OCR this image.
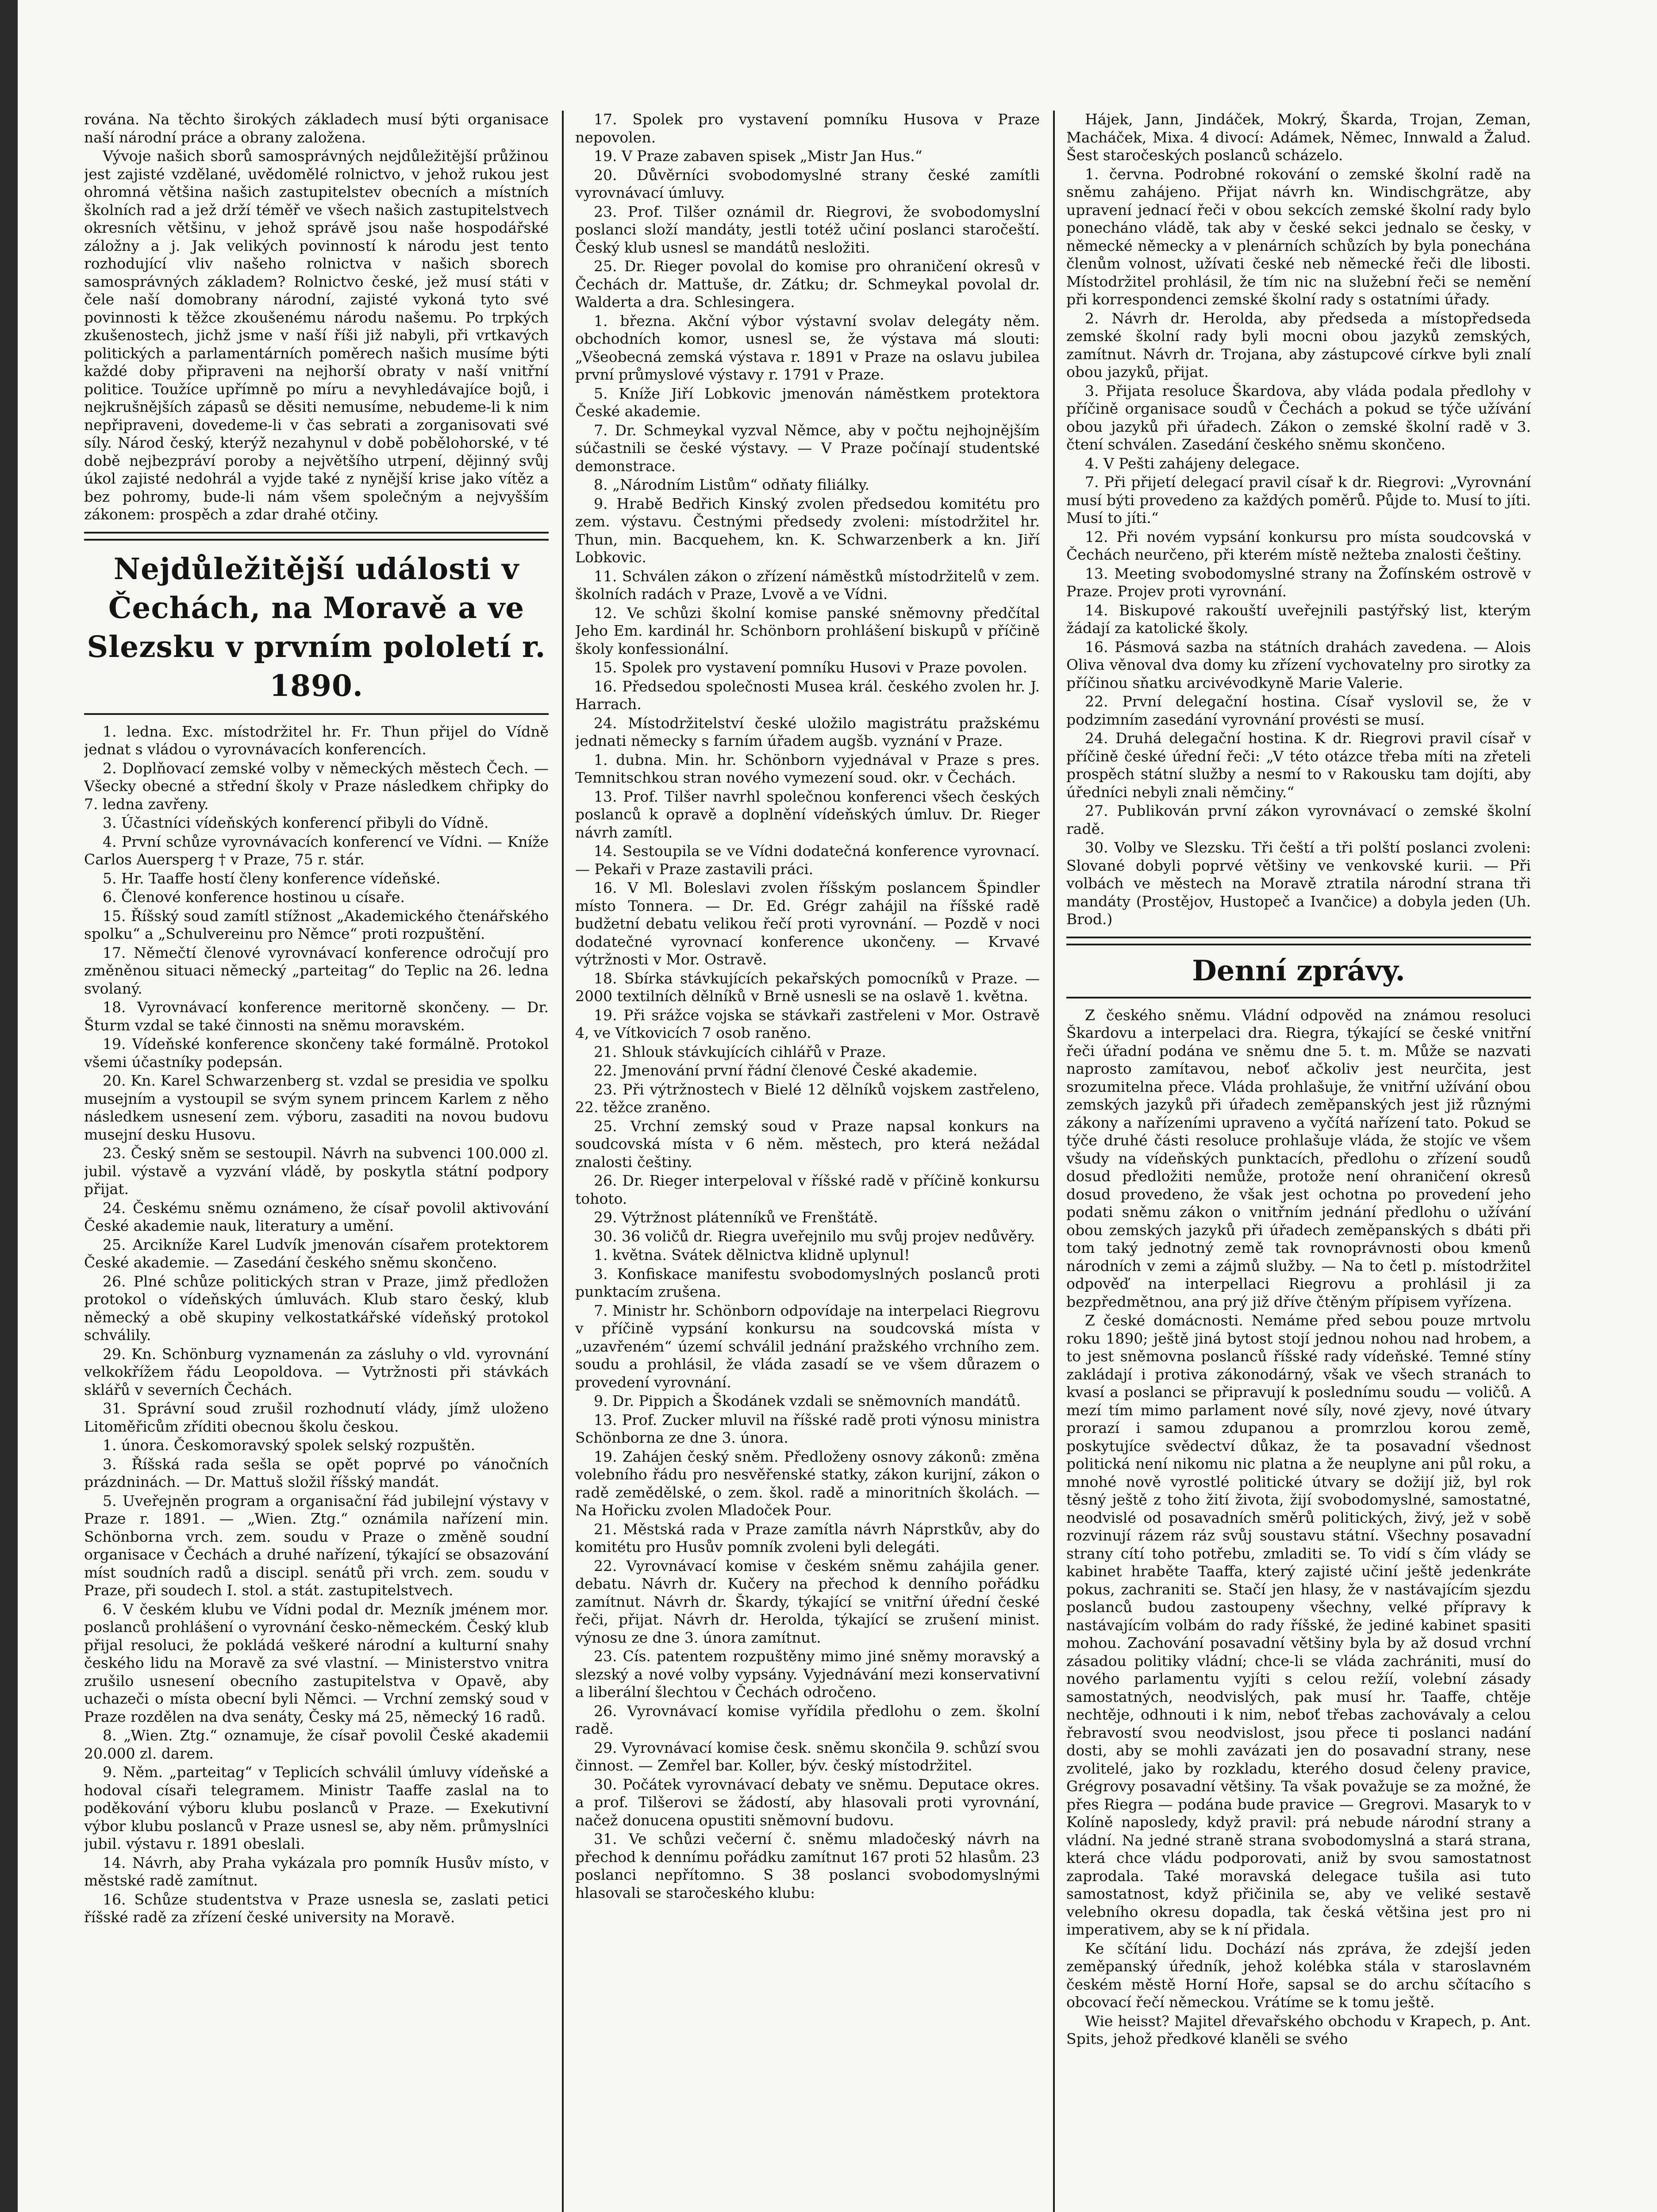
rována. Na těchto širokých základech musí býti organisace naší národní práce a obrany založena.

Vývoje našich sborů samosprávných nejdůležitější průžinou jest zajisté vzdělané, uvědomělé rolnictvo, v jehož rukou jest ohromná většina našich zastupitelstev obecních a místních školních rad a jež drží téměř ve všech našich zastupitelstvech okresních většinu, v jehož správě jsou naše hospodářské záložny a j. Jak velikých povinností k národu jest tento rozhodující vliv našeho rolnictva v našich sborech samosprávných základem? Rolnictvo české, jež musí státi v čele naší domobrany národní, zajisté vykoná tyto své povinnosti k těžce zkoušenému národu našemu. Po trpkých zkušenostech, jichž jsme v naší říši již nabyli, při vrtkavých politických a parlamentárních poměrech našich musíme býti každé doby připraveni na nejhorší obraty v naší vnitřní politice. Toužíce upřímně po míru a nevyhledávajíce bojů, i nejkrušnějších zápasů se děsiti nemusíme, nebudeme-li k nim nepřipraveni, dovedeme-li v čas sebrati a zorganisovati své síly. Národ český, kterýž nezahynul v době pobělohorské, v té době nejbezpráví poroby a největšího utrpení, dějinný svůj úkol zajisté nedohrál a vyjde také z nynější krise jako vítěz a bez pohromy, bude-li nám všem společným a nejvyšším zákonem: prospěch a zdar drahé otčiny.

Nejdůležitější události v Čechách, na Moravě a ve Slezsku v prvním pololetí r. 1890.

1. ledna. Exc. místodržitel hr. Fr. Thun přijel do Vídně jednat s vládou o vyrovnávacích konferencích.

2. Doplňovací zemské volby v německých městech Čech. — Všecky obecné a střední školy v Praze následkem chřipky do 7. ledna zavřeny.

3. Účastníci vídeňských konferencí přibyli do Vídně.

4. První schůze vyrovnávacích konferencí ve Vídni. — Kníže Carlos Auersperg † v Praze, 75 r. stár.

5. Hr. Taaffe hostí členy konference vídeňské.

6. Členové konference hostinou u císaře.

15. Říšský soud zamítl stížnost „Akademického čtenářského spolku“ a „Schulvereinu pro Němce“ proti rozpuštění.

17. Němečtí členové vyrovnávací konference odročují pro změněnou situaci německý „parteitag“ do Teplic na 26. ledna svolaný.

18. Vyrovnávací konference meritorně skončeny. — Dr. Šturm vzdal se také činnosti na sněmu moravském.

19. Vídeňské konference skončeny také formálně. Protokol všemi účastníky podepsán.

20. Kn. Karel Schwarzenberg st. vzdal se presidia ve spolku musejním a vystoupil se svým synem princem Karlem z něho následkem usnesení zem. výboru, zasaditi na novou budovu musejní desku Husovu.

23. Český sněm se sestoupil. Návrh na subvenci 100.000 zl. jubil. výstavě a vyzvání vládě, by poskytla státní podpory přijat.

24. Českému sněmu oznámeno, že císař povolil aktivování České akademie nauk, literatury a umění.

25. Arcikníže Karel Ludvík jmenován císařem protektorem České akademie. — Zasedání českého sněmu skončeno.

26. Plné schůze politických stran v Praze, jimž předložen protokol o vídeňských úmluvách. Klub staro český, klub německý a obě skupiny velkostatkářské vídeňský protokol schválily.

29. Kn. Schönburg vyznamenán za zásluhy o vld. vyrovnání velkokřížem řádu Leopoldova. — Vytržnosti při stávkách sklářů v severních Čechách.

31. Správní soud zrušil rozhodnutí vlády, jímž uloženo Litoměřicům zříditi obecnou školu českou.

1. února. Českomoravský spolek selský rozpuštěn.

3. Říšská rada sešla se opět poprvé po vánočních prázdninách. — Dr. Mattuš složil říšský mandát.

5. Uveřejněn program a organisační řád jubilejní výstavy v Praze r. 1891. — „Wien. Ztg.“ oznámila nařízení min. Schönborna vrch. zem. soudu v Praze o změně soudní organisace v Čechách a druhé nařízení, týkající se obsazování míst soudních radů a discipl. senátů při vrch. zem. soudu v Praze, při soudech I. stol. a stát. zastupitelstvech.

6. V českém klubu ve Vídni podal dr. Mezník jménem mor. poslanců prohlášení o vyrovnání česko-německém. Český klub přijal resoluci, že pokládá veškeré národní a kulturní snahy českého lidu na Moravě za své vlastní. — Ministerstvo vnitra zrušilo usnesení obecního zastupitelstva v Opavě, aby uchazeči o místa obecní byli Němci. — Vrchní zemský soud v Praze rozdělen na dva senáty, Česky má 25, německý 16 radů.

8. „Wien. Ztg.“ oznamuje, že císař povolil České akademii 20.000 zl. darem.

9. Něm. „parteitag“ v Teplicích schválil úmluvy vídeňské a hodoval císaři telegramem. Ministr Taaffe zaslal na to poděkování výboru klubu poslanců v Praze. — Exekutivní výbor klubu poslanců v Praze usnesl se, aby něm. průmyslníci jubil. výstavu r. 1891 obeslali.

14. Návrh, aby Praha vykázala pro pomník Husův místo, v městské radě zamítnut.

16. Schůze studentstva v Praze usnesla se, zaslati petici říšské radě za zřízení české university na Moravě.

17. Spolek pro vystavení pomníku Husova v Praze nepovolen.

19. V Praze zabaven spisek „Mistr Jan Hus.“

20. Důvěrníci svobodomyslné strany české zamítli vyrovnávací úmluvy.

23. Prof. Tilšer oznámil dr. Riegrovi, že svobodomyslní poslanci složí mandáty, jestli totéž učiní poslanci staročeští. Český klub usnesl se mandátů nesložiti.

25. Dr. Rieger povolal do komise pro ohraničení okresů v Čechách dr. Mattuše, dr. Zátku; dr. Schmeykal povolal dr. Walderta a dra. Schlesingera.

1. března. Akční výbor výstavní svolav delegáty něm. obchodních komor, usnesl se, že výstava má slouti: „Všeobecná zemská výstava r. 1891 v Praze na oslavu jubilea první průmyslové výstavy r. 1791 v Praze.

5. Kníže Jiří Lobkovic jmenován náměstkem protektora České akademie.

7. Dr. Schmeykal vyzval Němce, aby v počtu nejhojnějším súčastnili se české výstavy. — V Praze počínají studentské demonstrace.

8. „Národním Listům“ odňaty filiálky.

9. Hrabě Bedřich Kinský zvolen předsedou komitétu pro zem. výstavu. Čestnými předsedy zvoleni: místodržitel hr. Thun, min. Bacquehem, kn. K. Schwarzenberk a kn. Jiří Lobkovic.

11. Schválen zákon o zřízení náměstků místodržitelů v zem. školních radách v Praze, Lvově a ve Vídni.

12. Ve schůzi školní komise panské sněmovny předčítal Jeho Em. kardinál hr. Schönborn prohlášení biskupů v příčině školy konfessionální.

15. Spolek pro vystavení pomníku Husovi v Praze povolen.

16. Předsedou společnosti Musea král. českého zvolen hr. J. Harrach.

24. Místodržitelství české uložilo magistrátu pražskému jednati německy s farním úřadem augšb. vyznání v Praze.

1. dubna. Min. hr. Schönborn vyjednával v Praze s pres. Temnitschkou stran nového vymezení soud. okr. v Čechách.

13. Prof. Tilšer navrhl společnou konferenci všech českých poslanců k opravě a doplnění vídeňských úmluv. Dr. Rieger návrh zamítl.

14. Sestoupila se ve Vídni dodatečná konference vyrovnací. — Pekaři v Praze zastavili práci.

16. V Ml. Boleslavi zvolen říšským poslancem Špindler místo Tonnera. — Dr. Ed. Grégr zahájil na říšské radě budžetní debatu velikou řečí proti vyrovnání. — Pozdě v noci dodatečné vyrovnací konference ukončeny. — Krvavé výtržnosti v Mor. Ostravě.

18. Sbírka stávkujících pekařských pomocníků v Praze. — 2000 textilních dělníků v Brně usnesli se na oslavě 1. května.

19. Při srážce vojska se stávkaři zastřeleni v Mor. Ostravě 4, ve Vítkovicích 7 osob raněno.

21. Shlouk stávkujících cihlářů v Praze.

22. Jmenování první řádní členové České akademie.

23. Při výtržnostech v Bielé 12 dělníků vojskem zastřeleno, 22. těžce zraněno.

25. Vrchní zemský soud v Praze napsal konkurs na soudcovská místa v 6 něm. městech, pro která nežádal znalosti češtiny.

26. Dr. Rieger interpeloval v říšské radě v příčině konkursu tohoto.

29. Výtržnost plátenníků ve Frenštátě.

30. 36 voličů dr. Riegra uveřejnilo mu svůj projev nedůvěry.

1. května. Svátek dělnictva klidně uplynul!

3. Konfiskace manifestu svobodomyslných poslanců proti punktacím zrušena.

7. Ministr hr. Schönborn odpovídaje na interpelaci Riegrovu v příčině vypsání konkursu na soudcovská místa v „uzavřeném“ území schválil jednání pražského vrchního zem. soudu a prohlásil, že vláda zasadí se ve všem důrazem o provedení vyrovnání.

9. Dr. Pippich a Škodánek vzdali se sněmovních mandátů.

13. Prof. Zucker mluvil na říšské radě proti výnosu ministra Schönborna ze dne 3. února.

19. Zahájen český sněm. Předloženy osnovy zákonů: změna volebního řádu pro nesvěřenské statky, zákon kurijní, zákon o radě zemědělské, o zem. škol. radě a minoritních školách. — Na Hořicku zvolen Mladoček Pour.

21. Městská rada v Praze zamítla návrh Náprstkův, aby do komitétu pro Husův pomník zvoleni byli delegáti.

22. Vyrovnávací komise v českém sněmu zahájila gener. debatu. Návrh dr. Kučery na přechod k denního pořádku zamítnut. Návrh dr. Škardy, týkající se vnitřní úřední české řeči, přijat. Návrh dr. Herolda, týkající se zrušení minist. výnosu ze dne 3. února zamítnut.

23. Cís. patentem rozpuštěny mimo jiné sněmy moravský a slezský a nové volby vypsány. Vyjednávání mezi konservativní a liberální šlechtou v Čechách odročeno.

26. Vyrovnávací komise vyřídila předlohu o zem. školní radě.

29. Vyrovnávací komise česk. sněmu skončila 9. schůzí svou činnost. — Zemřel bar. Koller, býv. český místodržitel.

30. Počátek vyrovnávací debaty ve sněmu. Deputace okres. a prof. Tilšerovi se žádostí, aby hlasovali proti vyrovnání, načež donucena opustiti sněmovní budovu.

31. Ve schůzi večerní č. sněmu mladočeský návrh na přechod k dennímu pořádku zamítnut 167 proti 52 hlasům. 23 poslanci nepřítomno. S 38 poslanci svobodomyslnými hlasovali se staročeského klubu:

Hájek, Jann, Jindáček, Mokrý, Škarda, Trojan, Zeman, Macháček, Mixa. 4 divocí: Adámek, Němec, Innwald a Žalud. Šest staročeských poslanců scházelo.

1. června. Podrobné rokování o zemské školní radě na sněmu zahájeno. Přijat návrh kn. Windischgrätze, aby upravení jednací řeči v obou sekcích zemské školní rady bylo ponecháno vládě, tak aby v české sekci jednalo se česky, v německé německy a v plenárních schůzích by byla ponechána členům volnost, užívati české neb německé řeči dle libosti. Místodržitel prohlásil, že tím nic na služební řeči se nemění při korrespondenci zemské školní rady s ostatními úřady.

2. Návrh dr. Herolda, aby předseda a místopředseda zemské školní rady byli mocni obou jazyků zemských, zamítnut. Návrh dr. Trojana, aby zástupcové církve byli znalí obou jazyků, přijat.

3. Přijata resoluce Škardova, aby vláda podala předlohy v příčině organisace soudů v Čechách a pokud se týče užívání obou jazyků při úřadech. Zákon o zemské školní radě v 3. čtení schválen. Zasedání českého sněmu skončeno.

4. V Pešti zahájeny delegace.

7. Při přijetí delegací pravil císař k dr. Riegrovi: „Vyrovnání musí býti provedeno za každých poměrů. Půjde to. Musí to jíti. Musí to jíti.“

12. Při novém vypsání konkursu pro místa soudcovská v Čechách neurčeno, při kterém místě nežteba znalosti češtiny.

13. Meeting svobodomyslné strany na Žofínském ostrově v Praze. Projev proti vyrovnání.

14. Biskupové rakouští uveřejnili pastýřský list, kterým žádají za katolické školy.

16. Pásmová sazba na státních drahách zavedena. — Alois Oliva věnoval dva domy ku zřízení vychovatelny pro sirotky za příčinou sňatku arcivévodkyně Marie Valerie.

22. První delegační hostina. Císař vyslovil se, že v podzimním zasedání vyrovnání provésti se musí.

24. Druhá delegační hostina. K dr. Riegrovi pravil císař v příčině české úřední řeči: „V této otázce třeba míti na zřeteli prospěch státní služby a nesmí to v Rakousku tam dojíti, aby úředníci nebyli znali němčiny.“

27. Publikován první zákon vyrovnávací o zemské školní radě.

30. Volby ve Slezsku. Tři čeští a tři polští poslanci zvoleni: Slované dobyli poprvé většiny ve venkovské kurii. — Při volbách ve městech na Moravě ztratila národní strana tři mandáty (Prostějov, Hustopeč a Ivančice) a dobyla jeden (Uh. Brod.)

Denní zprávy.

Z českého sněmu. Vládní odpověd na známou resoluci Škardovu a interpelaci dra. Riegra, týkající se české vnitřní řeči úřadní podána ve sněmu dne 5. t. m. Může se nazvati naprosto zamítavou, neboť ačkoliv jest neurčita, jest srozumitelna přece. Vláda prohlašuje, že vnitřní užívání obou zemských jazyků při úřadech zeměpanských jest již různými zákony a nařízeními upraveno a vyčítá nařízení tato. Pokud se týče druhé části resoluce prohlašuje vláda, že stojíc ve všem všudy na vídeňských punktacích, předlohu o zřízení soudů dosud předložiti nemůže, protože není ohraničení okresů dosud provedeno, že však jest ochotna po provedení jeho podati sněmu zákon o vnitřním jednání předlohu o užívání obou zemských jazyků při úřadech zeměpanských s dbáti při tom taký jednotný země tak rovnoprávnosti obou kmenů národních v zemi a zájmů služby. — Na to četl p. místodržitel odpověď na interpellaci Riegrovu a prohlásil ji za bezpředmětnou, ana prý již dříve čtěným přípisem vyřízena.

Z české domácnosti. Nemáme před sebou pouze mrtvolu roku 1890; ještě jiná bytost stojí jednou nohou nad hrobem, a to jest sněmovna poslanců říšské rady vídeňské. Temné stíny zakládají i protiva zákonodárný, však ve všech stranách to kvasí a poslanci se připravují k poslednímu soudu — voličů. A mezí tím mimo parlament nové síly, nové zjevy, nové útvary prorazí i samou zdupanou a promrzlou korou země, poskytujíce svědectví důkaz, že ta posavadní všednost politická není nikomu nic platna a že neuplyne ani půl roku, a mnohé nově vyrostlé politické útvary se dožijí již, byl rok těsný ještě z toho žití života, žijí svobodomyslné, samostatné, neodvislé od posavadních směrů politických, živý, jež v sobě rozvinují rázem ráz svůj soustavu státní. Všechny posavadní strany cítí toho potřebu, zmladiti se. To vidí s čím vlády se kabinet hraběte Taaffa, který zajisté učiní ještě jedenkráte pokus, zachraniti se. Stačí jen hlasy, že v nastávajícím sjezdu poslanců budou zastoupeny všechny, velké přípravy k nastávajícím volbám do rady říšské, že jediné kabinet spasiti mohou. Zachování posavadní většiny byla by až dosud vrchní zásadou politiky vládní; chce-li se vláda zachrániti, musí do nového parlamentu vyjíti s celou režíí, volební zásady samostatných, neodvislých, pak musí hr. Taaffe, chtěje nechtěje, odhnouti i k nim, neboť třebas zachovávaly a celou řebravostí svou neodvislost, jsou přece ti poslanci nadání dosti, aby se mohli zavázati jen do posavadní strany, nese zvolitelé, jako by rozkladu, kterého dosud čeleny pravice, Grégrovy posavadní většiny. Ta však považuje se za možné, že přes Riegra — podána bude pravice — Gregrovi. Masaryk to v Kolíně naposledy, když pravil: prá nebude národní strany a vládní. Na jedné straně strana svobodomyslná a stará strana, která chce vládu podporovati, aniž by svou samostatnost zaprodala. Také moravská delegace tušila asi tuto samostatnost, když přičinila se, aby ve veliké sestavě velebního okresu dopadla, tak česká většina jest pro ni imperativem, aby se k ní přidala.

Ke sčítání lidu. Dochází nás zpráva, že zdejší jeden zeměpanský úředník, jehož kolébka stála v staroslavném českém městě Horní Hoře, sapsal se do archu sčítacího s obcovací řečí německou. Vrátíme se k tomu ještě.

Wie heisst? Majitel dřevařského obchodu v Krapech, p. Ant. Spits, jehož předkové klaněli se svého
